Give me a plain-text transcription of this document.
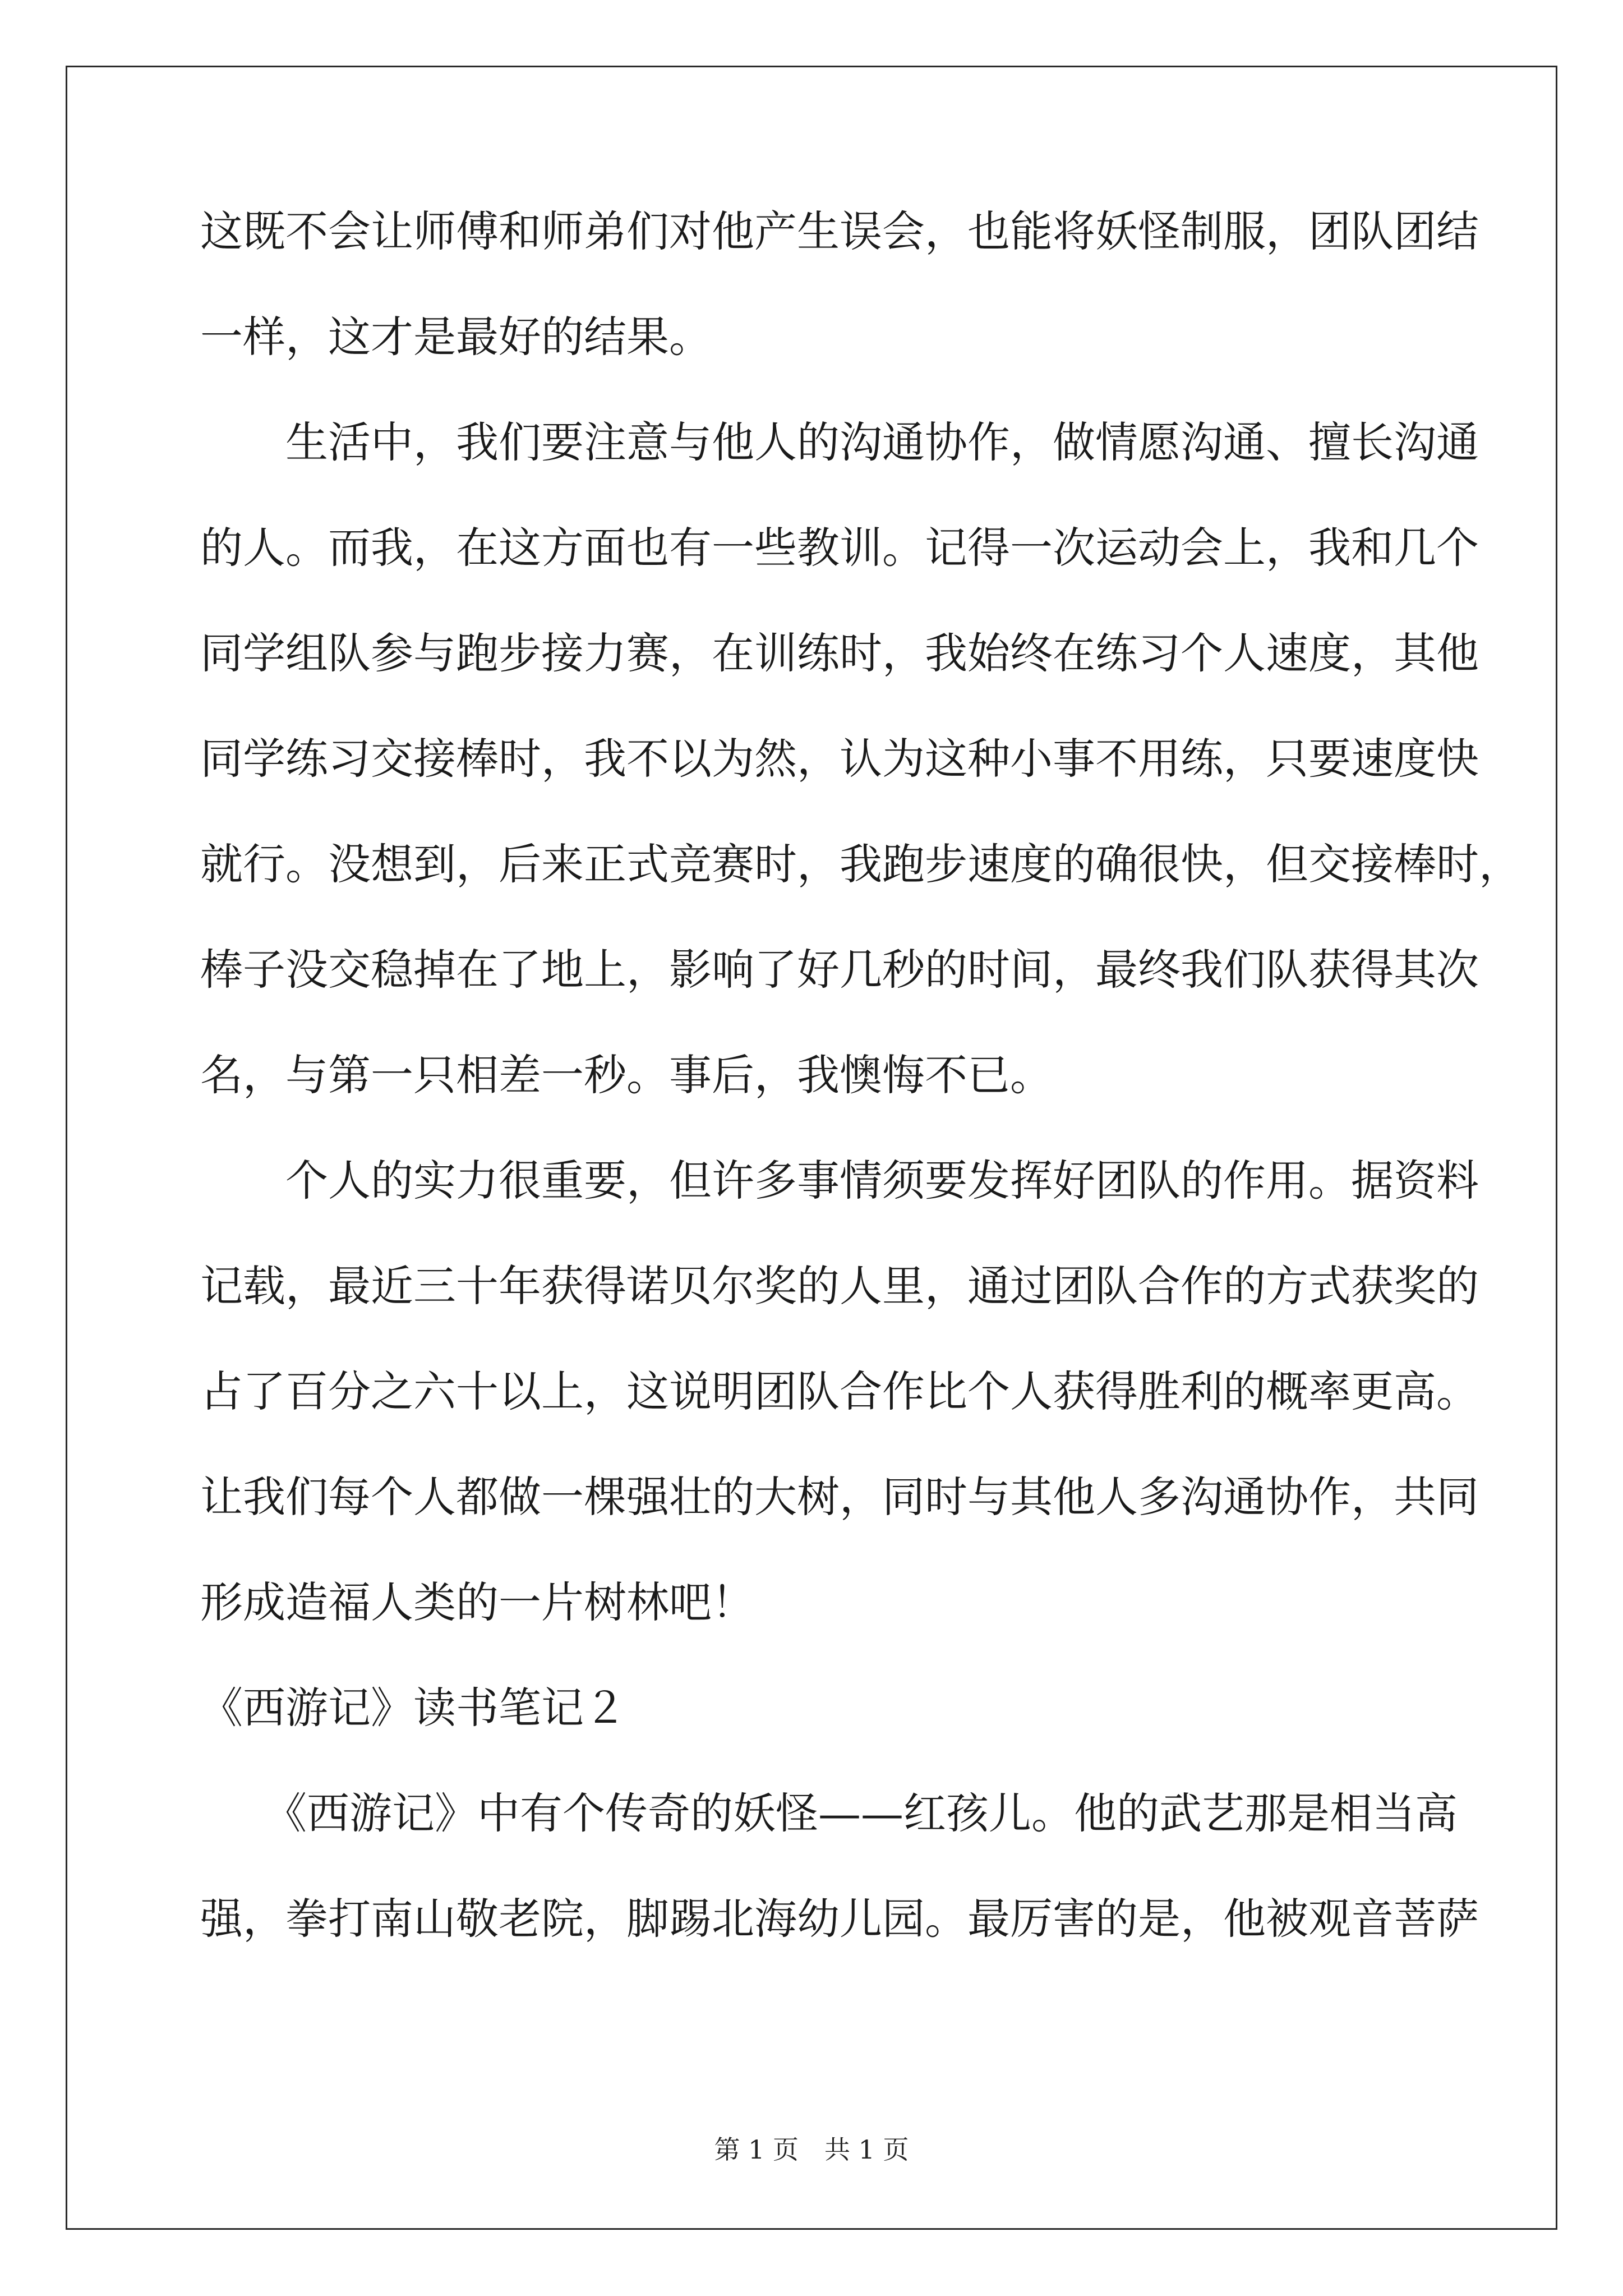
这既不会让师傅和师弟们对他产生误会，也能将妖怪制服，团队团结
一样，这才是最好的结果。
　　生活中，我们要注意与他人的沟通协作，做情愿沟通、擅长沟通
的人。而我，在这方面也有一些教训。记得一次运动会上，我和几个
同学组队参与跑步接力赛，在训练时，我始终在练习个人速度，其他
同学练习交接棒时，我不以为然，认为这种小事不用练，只要速度快
就行。没想到，后来正式竞赛时，我跑步速度的确很快，但交接棒时，
棒子没交稳掉在了地上，影响了好几秒的时间，最终我们队获得其次
名，与第一只相差一秒。事后，我懊悔不已。
　　个人的实力很重要，但许多事情须要发挥好团队的作用。据资料
记载，最近三十年获得诺贝尔奖的人里，通过团队合作的方式获奖的
占了百分之六十以上，这说明团队合作比个人获得胜利的概率更高。
让我们每个人都做一棵强壮的大树，同时与其他人多沟通协作，共同
形成造福人类的一片树林吧！
《西游记》读书笔记２
　　《西游记》中有个传奇的妖怪——红孩儿。他的武艺那是相当高
强，拳打南山敬老院，脚踢北海幼儿园。最厉害的是，他被观音菩萨
第 1 页　共 1 页
